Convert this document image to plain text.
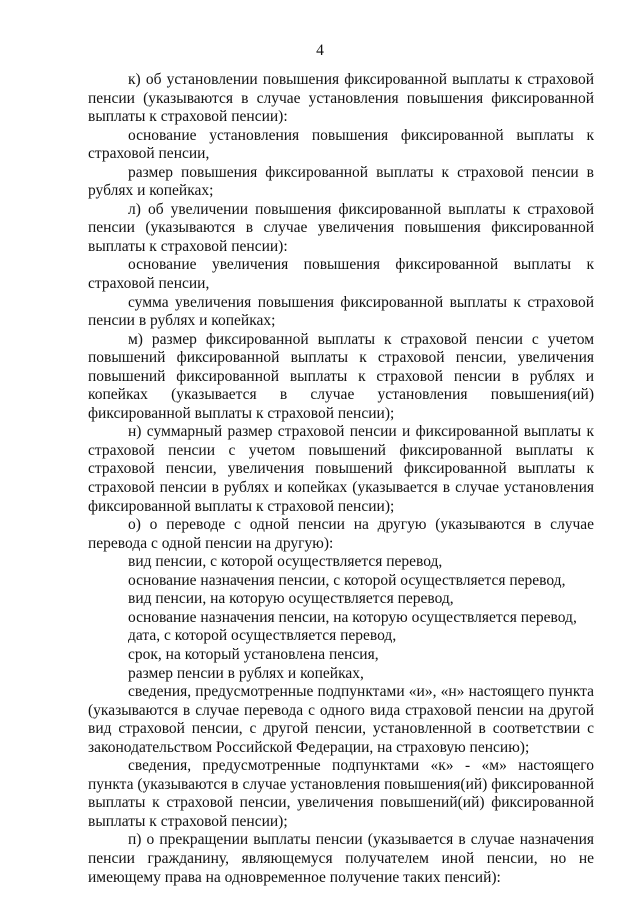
4

к) об установлении повышения фиксированной выплаты к страховой пенсии (указываются в случае установления повышения фиксированной выплаты к страховой пенсии):

основание установления повышения фиксированной выплаты к страховой пенсии,

размер повышения фиксированной выплаты к страховой пенсии в рублях и копейках;

л) об увеличении повышения фиксированной выплаты к страховой пенсии (указываются в случае увеличения повышения фиксированной выплаты к страховой пенсии):

основание увеличения повышения фиксированной выплаты к страховой пенсии,

сумма увеличения повышения фиксированной выплаты к страховой пенсии в рублях и копейках;

м) размер фиксированной выплаты к страховой пенсии с учетом повышений фиксированной выплаты к страховой пенсии, увеличения повышений фиксированной выплаты к страховой пенсии в рублях и копейках (указывается в случае установления повышения(ий) фиксированной выплаты к страховой пенсии);

н) суммарный размер страховой пенсии и фиксированной выплаты к страховой пенсии с учетом повышений фиксированной выплаты к страховой пенсии, увеличения повышений фиксированной выплаты к страховой пенсии в рублях и копейках (указывается в случае установления фиксированной выплаты к страховой пенсии);

о) о переводе с одной пенсии на другую (указываются в случае перевода с одной пенсии на другую):

вид пенсии, с которой осуществляется перевод,

основание назначения пенсии, с которой осуществляется перевод,

вид пенсии, на которую осуществляется перевод,

основание назначения пенсии, на которую осуществляется перевод,

дата, с которой осуществляется перевод,

срок, на который установлена пенсия,

размер пенсии в рублях и копейках,

сведения, предусмотренные подпунктами «и», «н» настоящего пункта (указываются в случае перевода с одного вида страховой пенсии на другой вид страховой пенсии, с другой пенсии, установленной в соответствии с законодательством Российской Федерации, на страховую пенсию);

сведения, предусмотренные подпунктами «к» - «м» настоящего пункта (указываются в случае установления повышения(ий) фиксированной выплаты к страховой пенсии, увеличения повышений(ий) фиксированной выплаты к страховой пенсии);

п) о прекращении выплаты пенсии (указывается в случае назначения пенсии гражданину, являющемуся получателем иной пенсии, но не имеющему права на одновременное получение таких пенсий):
